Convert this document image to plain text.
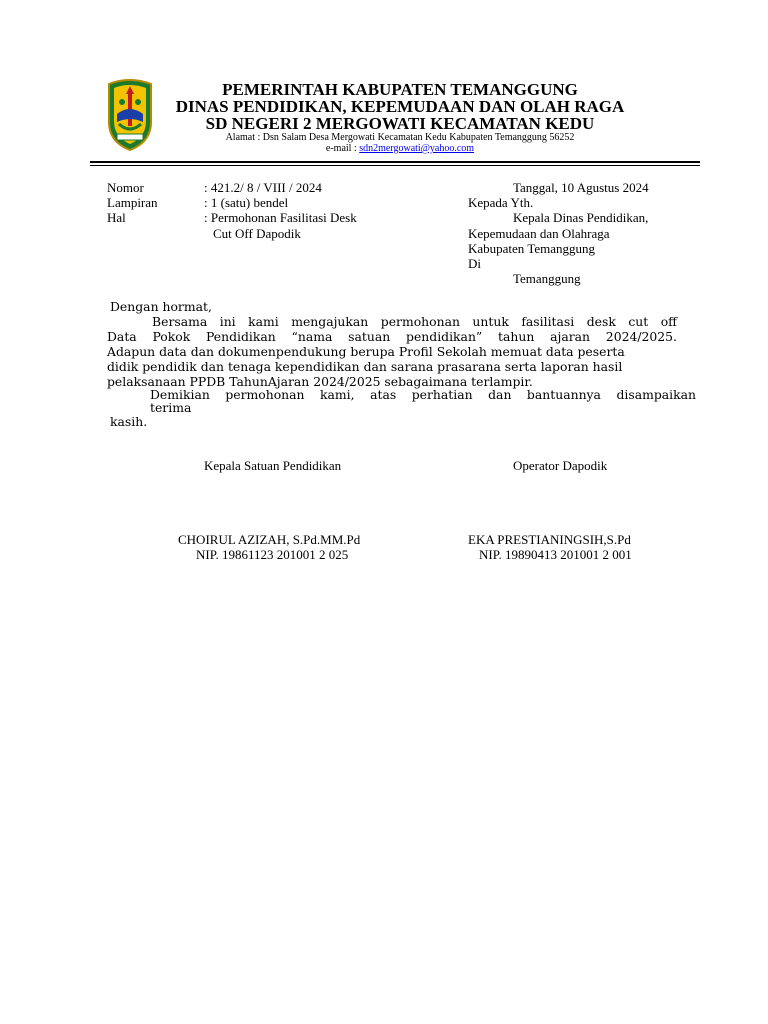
PEMERINTAH KABUPATEN TEMANGGUNG
DINAS PENDIDIKAN, KEPEMUDAAN DAN OLAH RAGA
SD NEGERI 2 MERGOWATI KECAMATAN KEDU
Alamat : Dsn Salam Desa Mergowati Kecamatan Kedu Kabupaten Temanggung 56252
e-mail : sdn2mergowati@yahoo.com
Nomor	: 421.2/ 8 / VIII / 2024
Lampiran	: 1 (satu) bendel
Hal	: Permohonan Fasilitasi Desk
Cut Off Dapodik
Tanggal, 10 Agustus 2024
Kepada Yth.
Kepala Dinas Pendidikan,
Kepemudaan dan Olahraga
Kabupaten Temanggung
Di
Temanggung
Dengan hormat,
Bersama ini kami mengajukan permohonan untuk fasilitasi desk cut off
Data Pokok Pendidikan “nama satuan pendidikan” tahun ajaran 2024/2025.
Adapun data dan dokumenpendukung berupa Profil Sekolah memuat data peserta
didik pendidik dan tenaga kependidikan dan sarana prasarana serta laporan hasil
pelaksanaan PPDB TahunAjaran 2024/2025 sebagaimana terlampir.
Demikian permohonan kami, atas perhatian dan bantuannya disampaikan
terima
kasih.
Kepala Satuan Pendidikan	Operator Dapodik
CHOIRUL AZIZAH, S.Pd.MM.Pd
NIP. 19861123 201001 2 025
EKA PRESTIANINGSIH,S.Pd
NIP. 19890413 201001 2 001
